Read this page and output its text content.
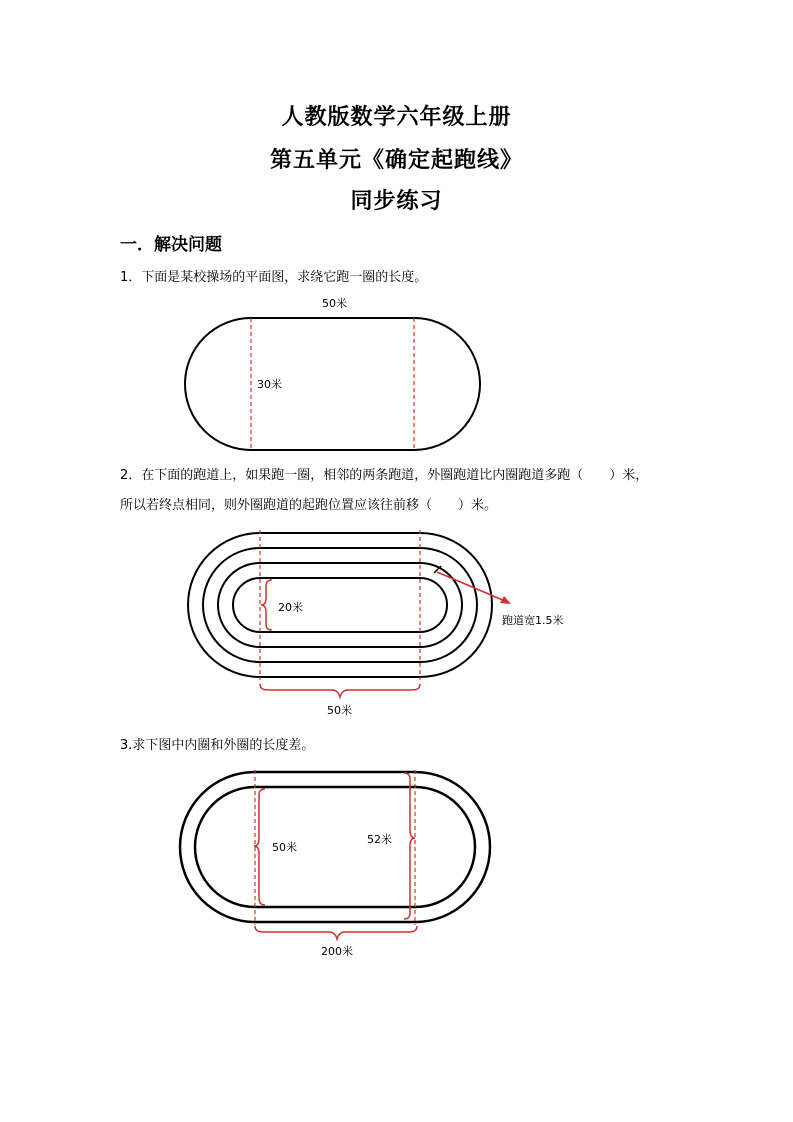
人教版数学六年级上册
第五单元《确定起跑线》
同步练习
一．解决问题
1．下面是某校操场的平面图，求绕它跑一圈的长度。
2．在下面的跑道上，如果跑一圈，相邻的两条跑道，外圈跑道比内圈跑道多跑（　　）米，
所以若终点相同，则外圈跑道的起跑位置应该往前移（　　）米。
3.求下图中内圈和外圈的长度差。
50米
30米
20米
50米
跑道宽1.5米
50米
52米
200米
